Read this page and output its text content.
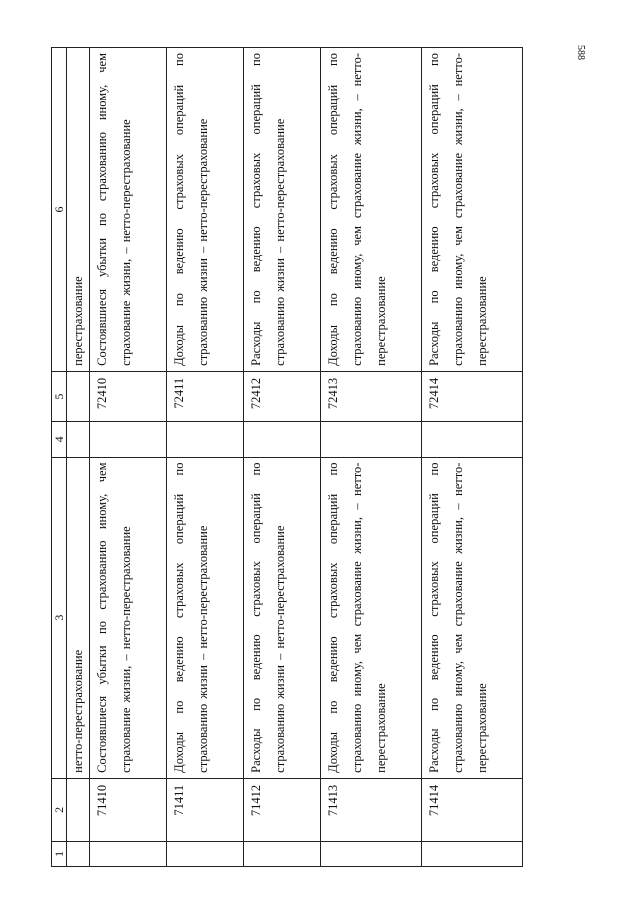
588
1	2	3	4	5	6
		нетто-перестрахование			перестрахование
	71410	Состоявшиеся убытки по страхованию иному, чем страхование жизни, – нетто-перестрахование		72410	Состоявшиеся убытки по страхованию иному, чем страхование жизни, – нетто-перестрахование
	71411	Доходы по ведению страховых операций по страхованию жизни – нетто-перестрахование		72411	Доходы по ведению страховых операций по страхованию жизни – нетто-перестрахование
	71412	Расходы по ведению страховых операций по страхованию жизни – нетто-перестрахование		72412	Расходы по ведению страховых операций по страхованию жизни – нетто-перестрахование
	71413	Доходы по ведению страховых операций по страхованию иному, чем страхование жизни, – нетто-перестрахование		72413	Доходы по ведению страховых операций по страхованию иному, чем страхование жизни, – нетто-перестрахование
	71414	Расходы по ведению страховых операций по страхованию иному, чем страхование жизни, – нетто-перестрахование		72414	Расходы по ведению страховых операций по страхованию иному, чем страхование жизни, – нетто-перестрахование
